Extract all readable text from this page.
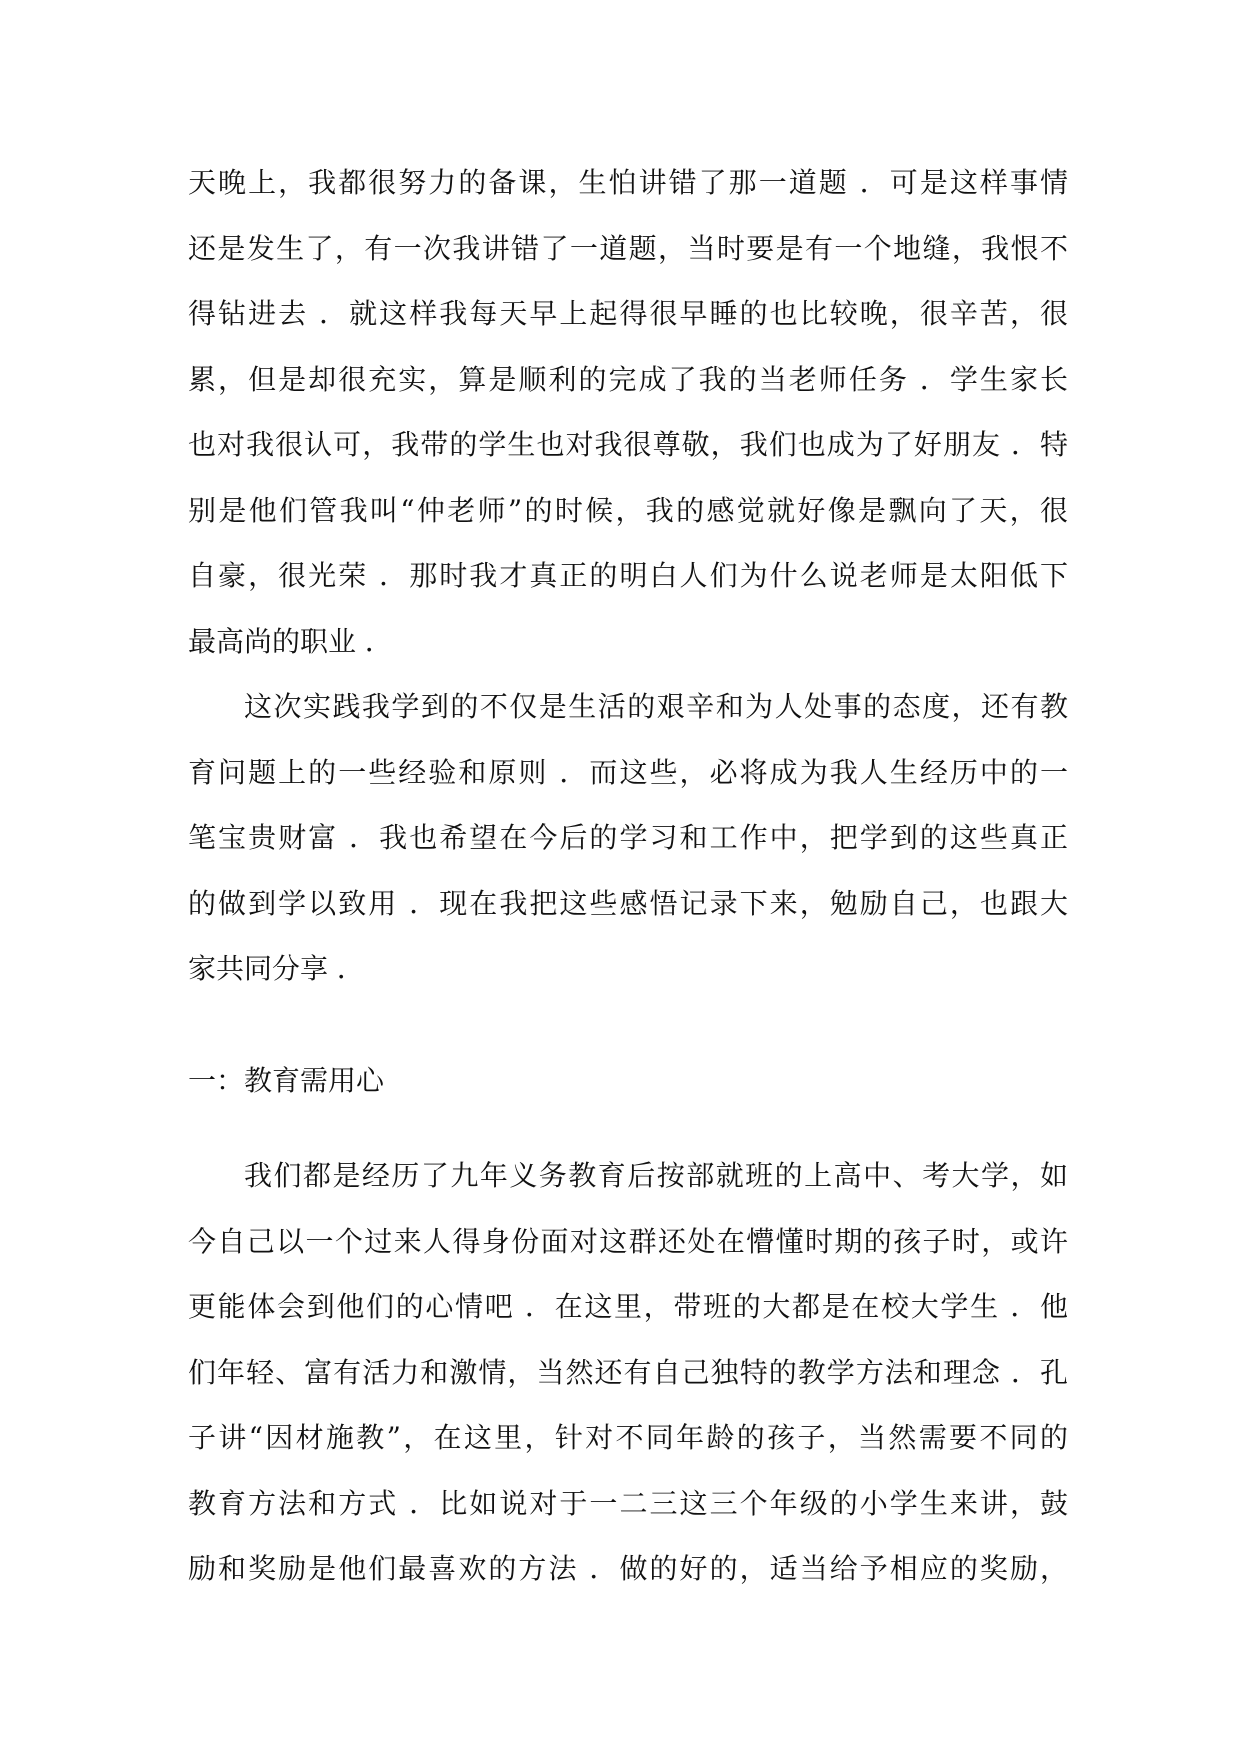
天晚上，我都很努力的备课，生怕讲错了那一道题 ．可是这样事情
还是发生了，有一次我讲错了一道题，当时要是有一个地缝，我恨不
得钻进去 ．就这样我每天早上起得很早睡的也比较晚，很辛苦，很
累，但是却很充实，算是顺利的完成了我的当老师任务 ．学生家长
也对我很认可，我带的学生也对我很尊敬，我们也成为了好朋友 ．特
别是他们管我叫“仲老师”的时候，我的感觉就好像是飘向了天，很
自豪，很光荣 ．那时我才真正的明白人们为什么说老师是太阳低下
最高尚的职业 ．
这次实践我学到的不仅是生活的艰辛和为人处事的态度，还有教
育问题上的一些经验和原则 ．而这些，必将成为我人生经历中的一
笔宝贵财富 ．我也希望在今后的学习和工作中，把学到的这些真正
的做到学以致用 ．现在我把这些感悟记录下来，勉励自己，也跟大
家共同分享 ．
一：教育需用心
我们都是经历了九年义务教育后按部就班的上高中、考大学，如
今自己以一个过来人得身份面对这群还处在懵懂时期的孩子时，或许
更能体会到他们的心情吧 ．在这里，带班的大都是在校大学生 ．他
们年轻、富有活力和激情，当然还有自己独特的教学方法和理念 ．孔
子讲“因材施教”，在这里，针对不同年龄的孩子，当然需要不同的
教育方法和方式 ．比如说对于一二三这三个年级的小学生来讲，鼓
励和奖励是他们最喜欢的方法 ．做的好的，适当给予相应的奖励，
